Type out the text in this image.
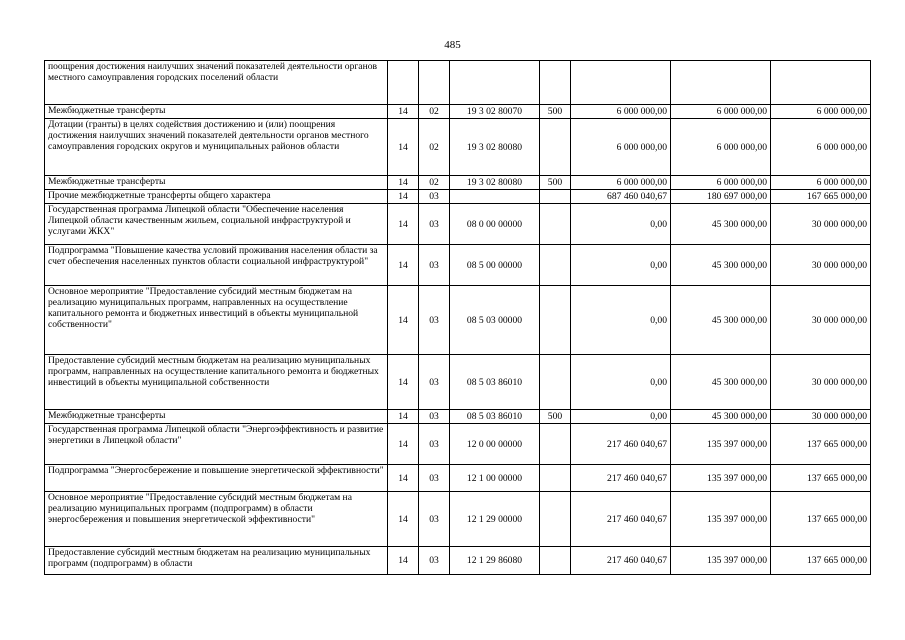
485
поощрения достижения наилучших значений показателей деятельности органов местного самоуправления городских поселений области							
Межбюджетные трансферты	14	02	19 3 02 80070	500	6 000 000,00	6 000 000,00	6 000 000,00
Дотации (гранты) в целях содействия достижению и (или) поощрения достижения наилучших значений показателей деятельности органов местного самоуправления городских округов и муниципальных районов области	14	02	19 3 02 80080		6 000 000,00	6 000 000,00	6 000 000,00
Межбюджетные трансферты	14	02	19 3 02 80080	500	6 000 000,00	6 000 000,00	6 000 000,00
Прочие межбюджетные трансферты общего характера	14	03			687 460 040,67	180 697 000,00	167 665 000,00
Государственная программа Липецкой области "Обеспечение населения Липецкой области качественным жильем, социальной инфраструктурой и услугами ЖКХ"	14	03	08 0 00 00000		0,00	45 300 000,00	30 000 000,00
Подпрограмма "Повышение качества условий проживания населения области за счет обеспечения населенных пунктов области социальной инфраструктурой"	14	03	08 5 00 00000		0,00	45 300 000,00	30 000 000,00
Основное мероприятие "Предоставление субсидий местным бюджетам на реализацию муниципальных программ, направленных на осуществление капитального ремонта и бюджетных инвестиций в объекты муниципальной собственности"	14	03	08 5 03 00000		0,00	45 300 000,00	30 000 000,00
Предоставление субсидий местным бюджетам на реализацию муниципальных программ, направленных на осуществление капитального ремонта и бюджетных инвестиций в объекты муниципальной собственности	14	03	08 5 03 86010		0,00	45 300 000,00	30 000 000,00
Межбюджетные трансферты	14	03	08 5 03 86010	500	0,00	45 300 000,00	30 000 000,00
Государственная программа Липецкой области "Энергоэффективность и развитие энергетики в Липецкой области"	14	03	12 0 00 00000		217 460 040,67	135 397 000,00	137 665 000,00
Подпрограмма "Энергосбережение и повышение энергетической эффективности"	14	03	12 1 00 00000		217 460 040,67	135 397 000,00	137 665 000,00
Основное мероприятие "Предоставление субсидий местным бюджетам на реализацию муниципальных программ (подпрограмм) в области энергосбережения и повышения энергетической эффективности"	14	03	12 1 29 00000		217 460 040,67	135 397 000,00	137 665 000,00
Предоставление субсидий местным бюджетам на реализацию муниципальных программ (подпрограмм) в области	14	03	12 1 29 86080		217 460 040,67	135 397 000,00	137 665 000,00
